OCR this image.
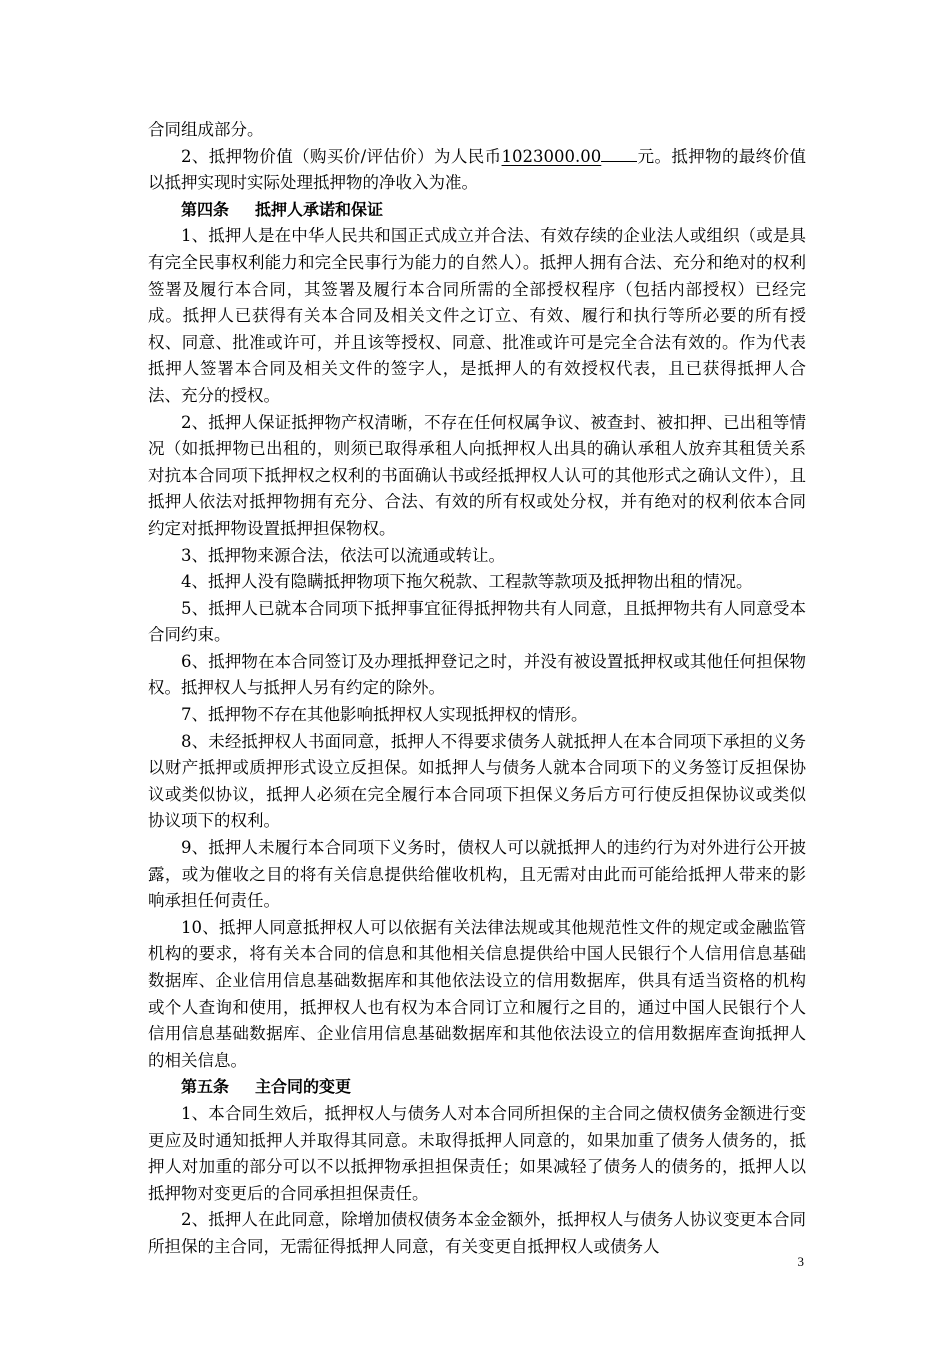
合同组成部分。

2、抵押物价值（购买价/评估价）为人民币1023000.00 元。抵押物的最终价值以抵押实现时实际处理抵押物的净收入为准。

第四条 抵押人承诺和保证

1、抵押人是在中华人民共和国正式成立并合法、有效存续的企业法人或组织（或是具有完全民事权利能力和完全民事行为能力的自然人）。抵押人拥有合法、充分和绝对的权利签署及履行本合同，其签署及履行本合同所需的全部授权程序（包括内部授权）已经完成。抵押人已获得有关本合同及相关文件之订立、有效、履行和执行等所必要的所有授权、同意、批准或许可，并且该等授权、同意、批准或许可是完全合法有效的。作为代表抵押人签署本合同及相关文件的签字人，是抵押人的有效授权代表，且已获得抵押人合法、充分的授权。

2、抵押人保证抵押物产权清晰，不存在任何权属争议、被查封、被扣押、已出租等情况（如抵押物已出租的，则须已取得承租人向抵押权人出具的确认承租人放弃其租赁关系对抗本合同项下抵押权之权利的书面确认书或经抵押权人认可的其他形式之确认文件），且抵押人依法对抵押物拥有充分、合法、有效的所有权或处分权，并有绝对的权利依本合同约定对抵押物设置抵押担保物权。

3、抵押物来源合法，依法可以流通或转让。

4、抵押人没有隐瞒抵押物项下拖欠税款、工程款等款项及抵押物出租的情况。

5、抵押人已就本合同项下抵押事宜征得抵押物共有人同意，且抵押物共有人同意受本合同约束。

6、抵押物在本合同签订及办理抵押登记之时，并没有被设置抵押权或其他任何担保物权。抵押权人与抵押人另有约定的除外。

7、抵押物不存在其他影响抵押权人实现抵押权的情形。

8、未经抵押权人书面同意，抵押人不得要求债务人就抵押人在本合同项下承担的义务以财产抵押或质押形式设立反担保。如抵押人与债务人就本合同项下的义务签订反担保协议或类似协议，抵押人必须在完全履行本合同项下担保义务后方可行使反担保协议或类似协议项下的权利。

9、抵押人未履行本合同项下义务时，债权人可以就抵押人的违约行为对外进行公开披露，或为催收之目的将有关信息提供给催收机构，且无需对由此而可能给抵押人带来的影响承担任何责任。

10、抵押人同意抵押权人可以依据有关法律法规或其他规范性文件的规定或金融监管机构的要求，将有关本合同的信息和其他相关信息提供给中国人民银行个人信用信息基础数据库、企业信用信息基础数据库和其他依法设立的信用数据库，供具有适当资格的机构或个人查询和使用，抵押权人也有权为本合同订立和履行之目的，通过中国人民银行个人信用信息基础数据库、企业信用信息基础数据库和其他依法设立的信用数据库查询抵押人的相关信息。

第五条 主合同的变更

1、本合同生效后，抵押权人与债务人对本合同所担保的主合同之债权债务金额进行变更应及时通知抵押人并取得其同意。未取得抵押人同意的，如果加重了债务人债务的，抵押人对加重的部分可以不以抵押物承担担保责任；如果减轻了债务人的债务的，抵押人以抵押物对变更后的合同承担担保责任。

2、抵押人在此同意，除增加债权债务本金金额外，抵押权人与债务人协议变更本合同所担保的主合同，无需征得抵押人同意，有关变更自抵押权人或债务人

3
